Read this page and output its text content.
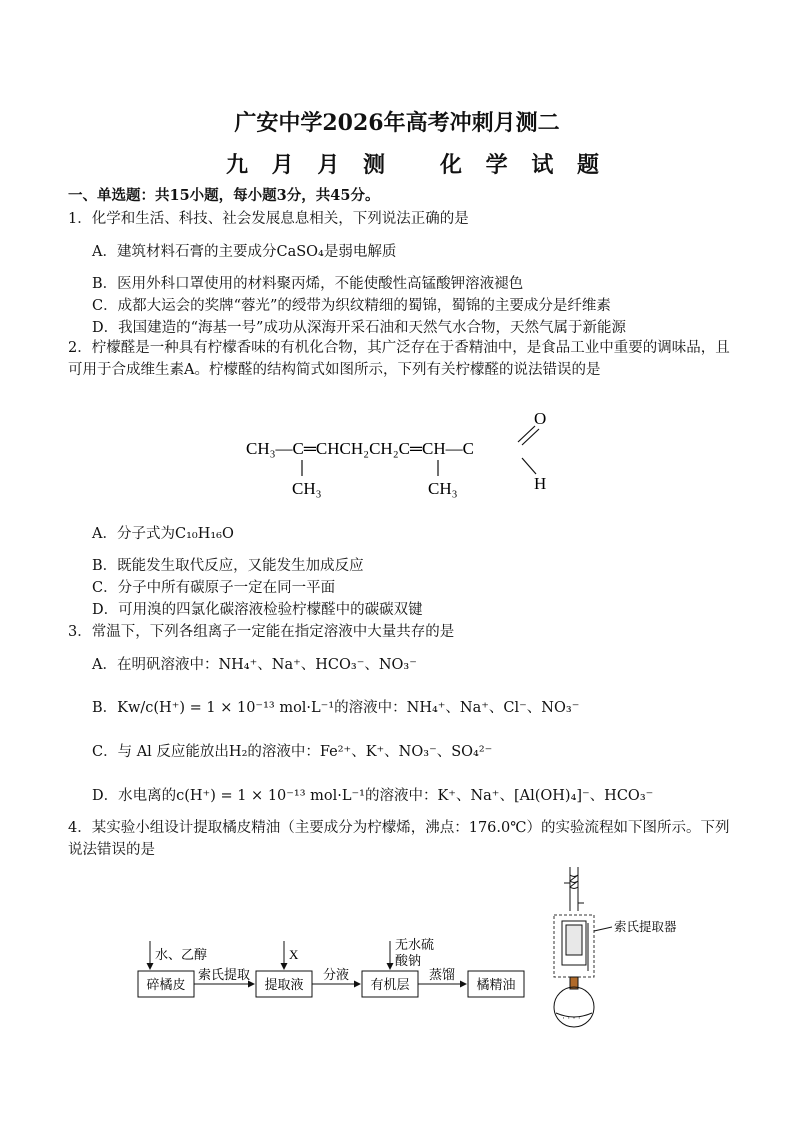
广安中学2026年高考冲刺月测二
九 月 月 测 化 学 试 题
一、单选题：共15小题，每小题3分，共45分。
1．化学和生活、科技、社会发展息息相关，下列说法正确的是
A．建筑材料石膏的主要成分CaSO₄是弱电解质
B．医用外科口罩使用的材料聚丙烯，不能使酸性高锰酸钾溶液褪色
C．成都大运会的奖牌“蓉光”的绶带为织纹精细的蜀锦，蜀锦的主要成分是纤维素
D．我国建造的“海基一号”成功从深海开采石油和天然气水合物，天然气属于新能源
2．柠檬醛是一种具有柠檬香味的有机化合物，其广泛存在于香精油中，是食品工业中重要的调味品，且可用于合成维生素A。柠檬醛的结构简式如图所示，下列有关柠檬醛的说法错误的是
CH₃—C═CHCH₂CH₂C═CH—C
CH₃	CH₃
O
H
A．分子式为C₁₀H₁₆O
B．既能发生取代反应，又能发生加成反应
C．分子中所有碳原子一定在同一平面
D．可用溴的四氯化碳溶液检验柠檬醛中的碳碳双键
3．常温下，下列各组离子一定能在指定溶液中大量共存的是
A．在明矾溶液中：NH₄⁺、Na⁺、HCO₃⁻、NO₃⁻
B．Kw/c(H⁺) = 1 × 10⁻¹³ mol·L⁻¹的溶液中：NH₄⁺、Na⁺、Cl⁻、NO₃⁻
C．与 Al 反应能放出H₂的溶液中：Fe²⁺、K⁺、NO₃⁻、SO₄²⁻
D．水电离的c(H⁺) = 1 × 10⁻¹³ mol·L⁻¹的溶液中：K⁺、Na⁺、[Al(OH)₄]⁻、HCO₃⁻
4．某实验小组设计提取橘皮精油（主要成分为柠檬烯，沸点：176.0℃）的实验流程如下图所示。下列说法错误的是
碎橘皮	提取液	有机层	橘精油
索氏提取	分液	蒸馏
水、乙醇	X
无水硫
酸钠
索氏提取器
· · · ·
